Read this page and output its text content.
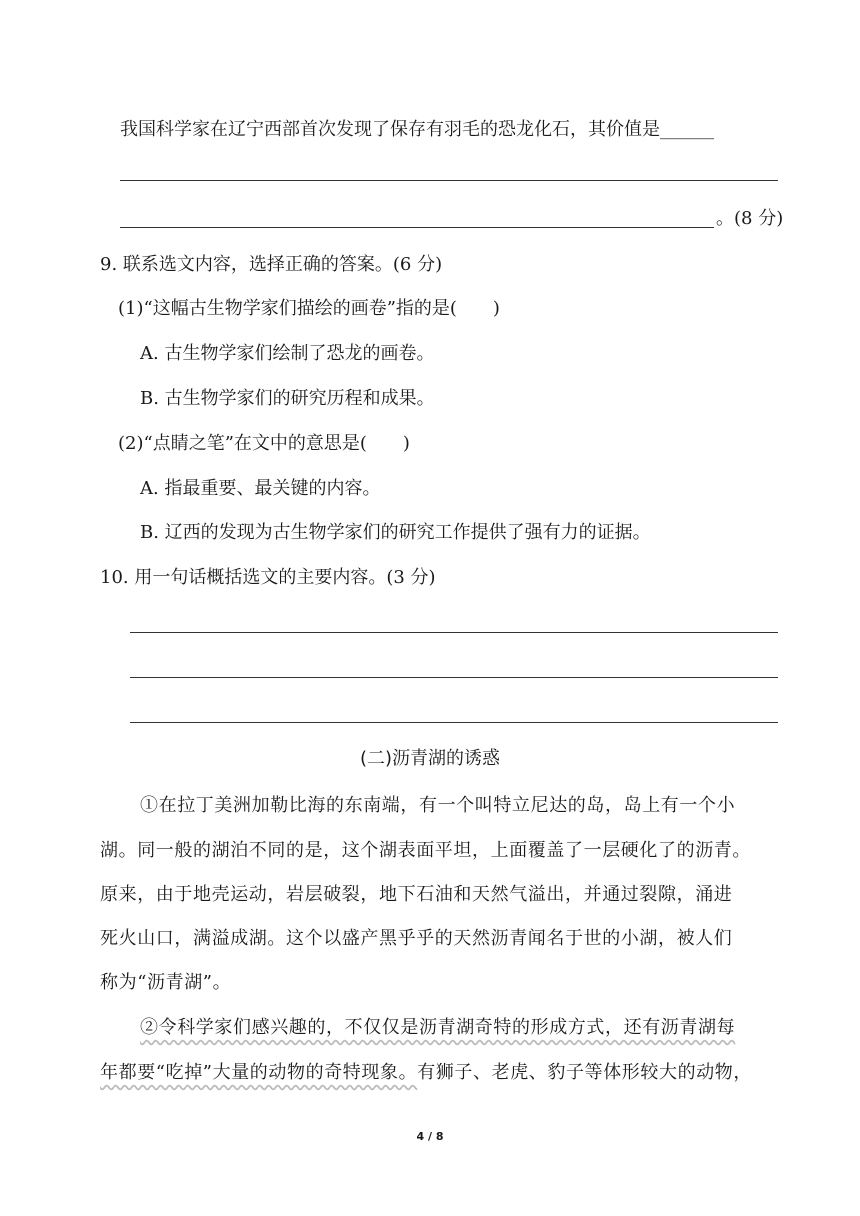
我国科学家在辽宁西部首次发现了保存有羽毛的恐龙化石，其价值是______
。(8 分)
9. 联系选文内容，选择正确的答案。(6 分)
(1)“这幅古生物学家们描绘的画卷”指的是(　　)
A. 古生物学家们绘制了恐龙的画卷。
B. 古生物学家们的研究历程和成果。
(2)“点睛之笔”在文中的意思是(　　)
A. 指最重要、最关键的内容。
B. 辽西的发现为古生物学家们的研究工作提供了强有力的证据。
10. 用一句话概括选文的主要内容。(3 分)
(二)沥青湖的诱惑
①在拉丁美洲加勒比海的东南端，有一个叫特立尼达的岛，岛上有一个小
湖。同一般的湖泊不同的是，这个湖表面平坦，上面覆盖了一层硬化了的沥青。
原来，由于地壳运动，岩层破裂，地下石油和天然气溢出，并通过裂隙，涌进
死火山口，满溢成湖。这个以盛产黑乎乎的天然沥青闻名于世的小湖，被人们
称为“沥青湖”。
②令科学家们感兴趣的，不仅仅是沥青湖奇特的形成方式，还有沥青湖每
年都要“吃掉”大量的动物的奇特现象。有狮子、老虎、豹子等体形较大的动物，
4 / 8
